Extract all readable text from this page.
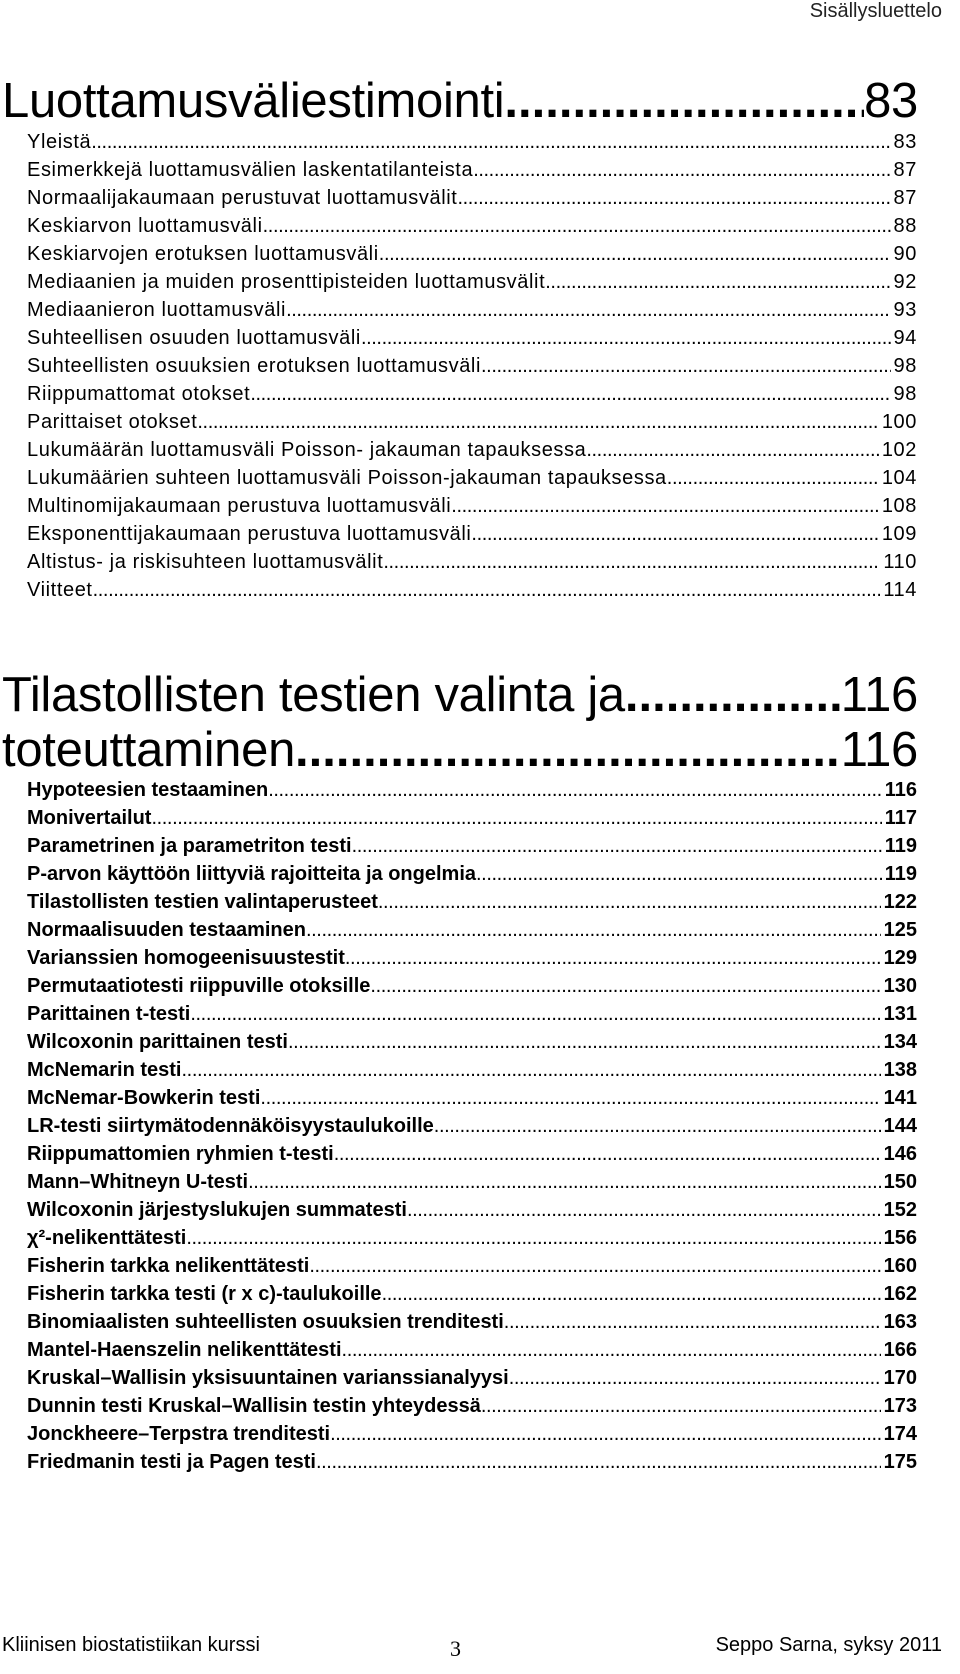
Sisällysluettelo
Luottamusväliestimointi .....	83
Yleistä .....	83
Esimerkkejä luottamusvälien laskentatilanteista .....	87
Normaalijakaumaan perustuvat luottamusvälit .....	87
Keskiarvon luottamusväli .....	88
Keskiarvojen erotuksen luottamusväli .....	90
Mediaanien ja muiden prosenttipisteiden luottamusvälit .....	92
Mediaanieron luottamusväli .....	93
Suhteellisen osuuden luottamusväli .....	94
Suhteellisten osuuksien erotuksen luottamusväli .....	98
Riippumattomat otokset .....	98
Parittaiset otokset .....	100
Lukumäärän luottamusväli Poisson- jakauman tapauksessa .....	102
Lukumäärien suhteen luottamusväli Poisson-jakauman tapauksessa .....	104
Multinomijakaumaan perustuva luottamusväli .....	108
Eksponenttijakaumaan perustuva luottamusväli .....	109
Altistus- ja riskisuhteen luottamusvälit .....	110
Viitteet .....	114
Tilastollisten testien valinta ja .....	116
toteuttaminen .....	116
Hypoteesien testaaminen .....	116
Monivertailut .....	117
Parametrinen ja parametriton testi .....	119
P-arvon käyttöön liittyviä rajoitteita ja ongelmia .....	119
Tilastollisten testien valintaperusteet .....	122
Normaalisuuden testaaminen .....	125
Varianssien homogeenisuustestit .....	129
Permutaatiotesti riippuville otoksille .....	130
Parittainen t-testi .....	131
Wilcoxonin parittainen testi .....	134
McNemarin testi .....	138
McNemar-Bowkerin testi .....	141
LR-testi siirtymätodennäköisyystaulukoille .....	144
Riippumattomien ryhmien t-testi .....	146
Mann–Whitneyn U-testi .....	150
Wilcoxonin järjestyslukujen summatesti .....	152
χ²-nelikenttätesti .....	156
Fisherin tarkka nelikenttätesti .....	160
Fisherin tarkka testi (r x c)-taulukoille .....	162
Binomiaalisten suhteellisten osuuksien trenditesti .....	163
Mantel-Haenszelin nelikenttätesti .....	166
Kruskal–Wallisin yksisuuntainen varianssianalyysi .....	170
Dunnin testi Kruskal–Wallisin testin yhteydessä .....	173
Jonckheere–Terpstra trenditesti .....	174
Friedmanin testi ja Pagen testi .....	175
Kliinisen biostatistiikan kurssi	3	Seppo Sarna, syksy 2011
